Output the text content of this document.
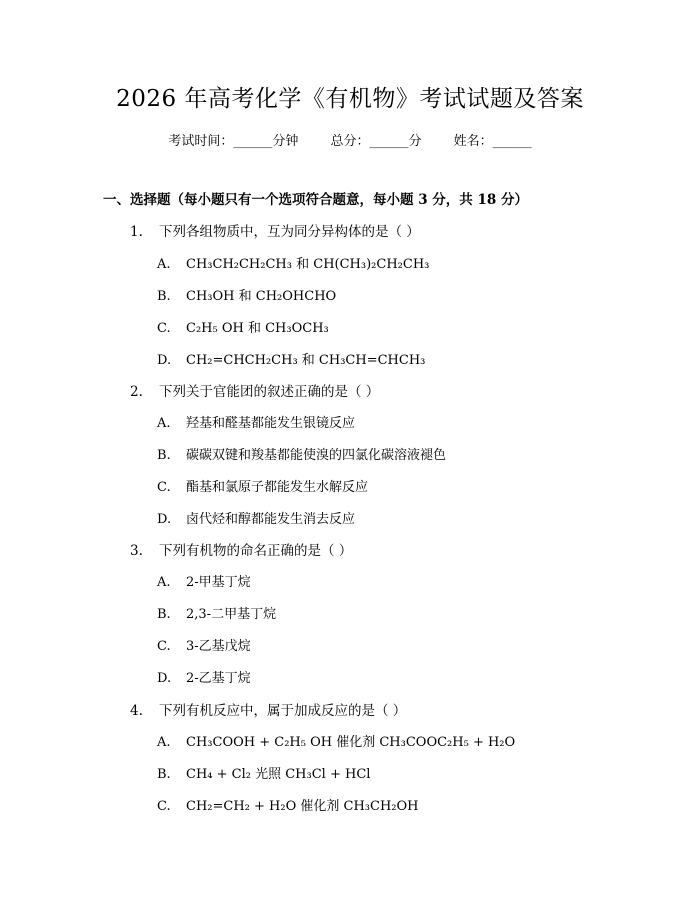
2026 年高考化学《有机物》考试试题及答案
考试时间：______分钟 总分：______分 姓名：______
一、选择题（每小题只有一个选项符合题意，每小题 3 分，共 18 分）
1. 下列各组物质中，互为同分异构体的是（ ）
A. CH₃CH₂CH₂CH₃ 和 CH(CH₃)₂CH₂CH₃
B. CH₃OH 和 CH₂OHCHO
C. C₂H₅ OH 和 CH₃OCH₃
D. CH₂=CHCH₂CH₃ 和 CH₃CH=CHCH₃
2. 下列关于官能团的叙述正确的是（ ）
A. 羟基和醛基都能发生银镜反应
B. 碳碳双键和羧基都能使溴的四氯化碳溶液褪色
C. 酯基和氯原子都能发生水解反应
D. 卤代烃和醇都能发生消去反应
3. 下列有机物的命名正确的是（ ）
A. 2-甲基丁烷
B. 2,3-二甲基丁烷
C. 3-乙基戊烷
D. 2-乙基丁烷
4. 下列有机反应中，属于加成反应的是（ ）
A. CH₃COOH + C₂H₅ OH 催化剂 CH₃COOC₂H₅ + H₂O
B. CH₄ + Cl₂ 光照 CH₃Cl + HCl
C. CH₂=CH₂ + H₂O 催化剂 CH₃CH₂OH
